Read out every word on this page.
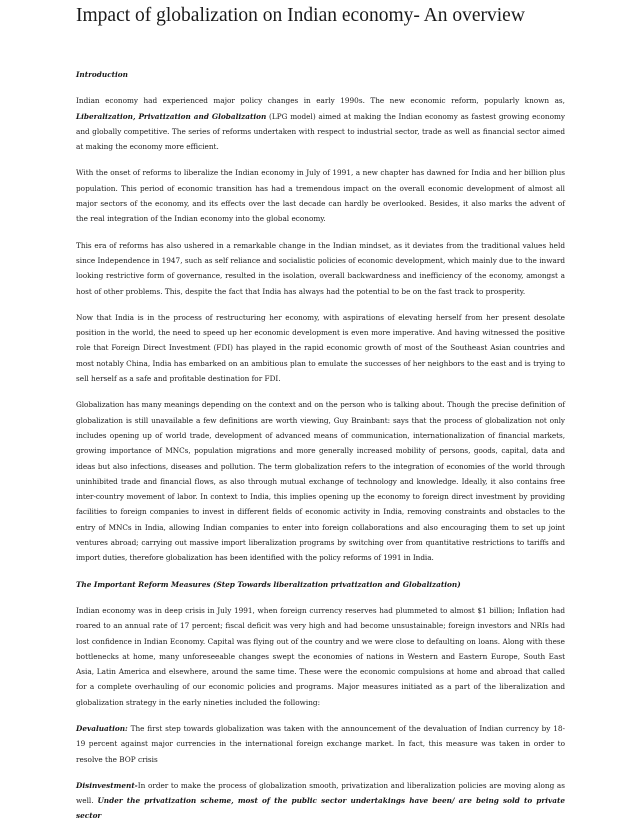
Impact of globalization on Indian economy- An overview

Introduction

Indian economy had experienced major policy changes in early 1990s. The new economic reform, popularly known as, Liberalization, Privatization and Globalization (LPG model) aimed at making the Indian economy as fastest growing economy and globally competitive. The series of reforms undertaken with respect to industrial sector, trade as well as financial sector aimed at making the economy more efficient.

With the onset of reforms to liberalize the Indian economy in July of 1991, a new chapter has dawned for India and her billion plus population. This period of economic transition has had a tremendous impact on the overall economic development of almost all major sectors of the economy, and its effects over the last decade can hardly be overlooked. Besides, it also marks the advent of the real integration of the Indian economy into the global economy.

This era of reforms has also ushered in a remarkable change in the Indian mindset, as it deviates from the traditional values held since Independence in 1947, such as self reliance and socialistic policies of economic development, which mainly due to the inward looking restrictive form of governance, resulted in the isolation, overall backwardness and inefficiency of the economy, amongst a host of other problems. This, despite the fact that India has always had the potential to be on the fast track to prosperity.

Now that India is in the process of restructuring her economy, with aspirations of elevating herself from her present desolate position in the world, the need to speed up her economic development is even more imperative. And having witnessed the positive role that Foreign Direct Investment (FDI) has played in the rapid economic growth of most of the Southeast Asian countries and most notably China, India has embarked on an ambitious plan to emulate the successes of her neighbors to the east and is trying to sell herself as a safe and profitable destination for FDI.

Globalization has many meanings depending on the context and on the person who is talking about. Though the precise definition of globalization is still unavailable a few definitions are worth viewing, Guy Brainbant: says that the process of globalization not only includes opening up of world trade, development of advanced means of communication, internationalization of financial markets, growing importance of MNCs, population migrations and more generally increased mobility of persons, goods, capital, data and ideas but also infections, diseases and pollution. The term globalization refers to the integration of economies of the world through uninhibited trade and financial flows, as also through mutual exchange of technology and knowledge. Ideally, it also contains free inter-country movement of labor. In context to India, this implies opening up the economy to foreign direct investment by providing facilities to foreign companies to invest in different fields of economic activity in India, removing constraints and obstacles to the entry of MNCs in India, allowing Indian companies to enter into foreign collaborations and also encouraging them to set up joint ventures abroad; carrying out massive import liberalization programs by switching over from quantitative restrictions to tariffs and import duties, therefore globalization has been identified with the policy reforms of 1991 in India.

The Important Reform Measures (Step Towards liberalization privatization and Globalization)

Indian economy was in deep crisis in July 1991, when foreign currency reserves had plummeted to almost $1 billion; Inflation had roared to an annual rate of 17 percent; fiscal deficit was very high and had become unsustainable; foreign investors and NRIs had lost confidence in Indian Economy. Capital was flying out of the country and we were close to defaulting on loans. Along with these bottlenecks at home, many unforeseeable changes swept the economies of nations in Western and Eastern Europe, South East Asia, Latin America and elsewhere, around the same time. These were the economic compulsions at home and abroad that called for a complete overhauling of our economic policies and programs. Major measures initiated as a part of the liberalization and globalization strategy in the early nineties included the following:

Devaluation: The first step towards globalization was taken with the announcement of the devaluation of Indian currency by 18-19 percent against major currencies in the international foreign exchange market. In fact, this measure was taken in order to resolve the BOP crisis

Disinvestment-In order to make the process of globalization smooth, privatization and liberalization policies are moving along as well. Under the privatization scheme, most of the public sector undertakings have been/ are being sold to private sector
